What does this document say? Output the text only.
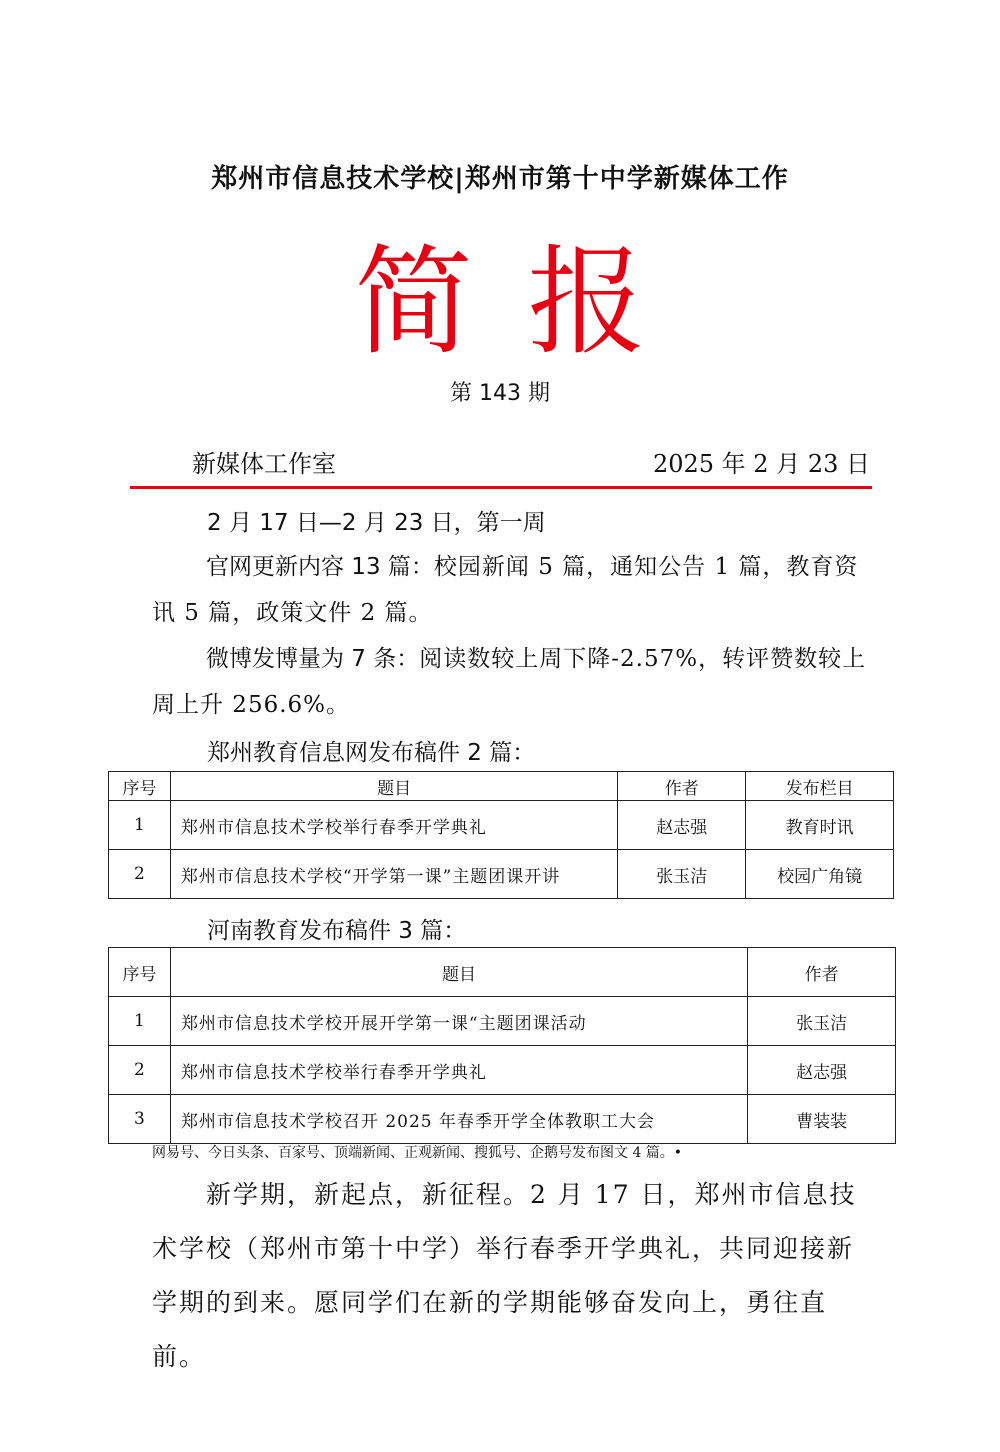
郑州市信息技术学校|郑州市第十中学新媒体工作
简报
第 143 期
新媒体工作室	2025 年 2 月 23 日
2 月 17 日—2 月 23 日，第一周
官网更新内容 13 篇：校园新闻 5 篇，通知公告 1 篇，教育资讯 5 篇，政策文件 2 篇。
微博发博量为 7 条：阅读数较上周下降-2.57%，转评赞数较上周上升 256.6%。
郑州教育信息网发布稿件 2 篇：
序号	题目	作者	发布栏目
1	郑州市信息技术学校举行春季开学典礼	赵志强	教育时讯
2	郑州市信息技术学校“开学第一课”主题团课开讲	张玉洁	校园广角镜
河南教育发布稿件 3 篇：
序号	题目	作者
1	郑州市信息技术学校开展开学第一课“主题团课活动	张玉洁
2	郑州市信息技术学校举行春季开学典礼	赵志强
3	郑州市信息技术学校召开 2025 年春季开学全体教职工大会	曹装装
网易号、今日头条、百家号、顶端新闻、正观新闻、搜狐号、企鹅号发布图文 4 篇。•
新学期，新起点，新征程。2 月 17 日，郑州市信息技术学校（郑州市第十中学）举行春季开学典礼，共同迎接新学期的到来。愿同学们在新的学期能够奋发向上，勇往直前。
